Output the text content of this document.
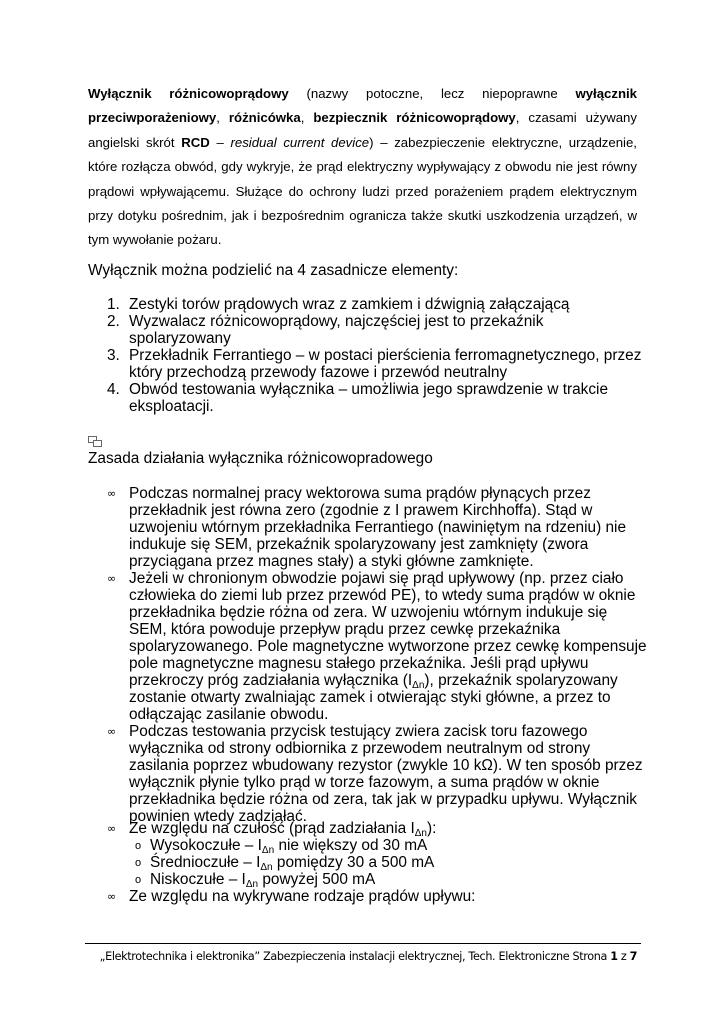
Wyłącznik różnicowoprądowy (nazwy potoczne, lecz niepoprawne wyłącznik przeciwporażeniowy, różnicówka, bezpiecznik różnicowoprądowy, czasami używany angielski skrót RCD – residual current device) – zabezpieczenie elektryczne, urządzenie, które rozłącza obwód, gdy wykryje, że prąd elektryczny wypływający z obwodu nie jest równy prądowi wpływającemu. Służące do ochrony ludzi przed porażeniem prądem elektrycznym przy dotyku pośrednim, jak i bezpośrednim ogranicza także skutki uszkodzenia urządzeń, w tym wywołanie pożaru.

Wyłącznik można podzielić na 4 zasadnicze elementy:

1. Zestyki torów prądowych wraz z zamkiem i dźwignią załączającą
2. Wyzwalacz różnicowoprądowy, najczęściej jest to przekaźnik spolaryzowany
3. Przekładnik Ferrantiego – w postaci pierścienia ferromagnetycznego, przez który przechodzą przewody fazowe i przewód neutralny
4. Obwód testowania wyłącznika – umożliwia jego sprawdzenie w trakcie eksploatacji.
Zasada działania wyłącznika różnicowopradowego
∞ Podczas normalnej pracy wektorowa suma prądów płynących przez przekładnik jest równa zero (zgodnie z I prawem Kirchhoffa). Stąd w uzwojeniu wtórnym przekładnika Ferrantiego (nawiniętym na rdzeniu) nie indukuje się SEM, przekaźnik spolaryzowany jest zamknięty (zwora przyciągana przez magnes stały) a styki główne zamknięte.
∞ Jeżeli w chronionym obwodzie pojawi się prąd upływowy (np. przez ciało człowieka do ziemi lub przez przewód PE), to wtedy suma prądów w oknie przekładnika będzie różna od zera. W uzwojeniu wtórnym indukuje się SEM, która powoduje przepływ prądu przez cewkę przekaźnika spolaryzowanego. Pole magnetyczne wytworzone przez cewkę kompensuje pole magnetyczne magnesu stałego przekaźnika. Jeśli prąd upływu przekroczy próg zadziałania wyłącznika $(I_{\Delta n})$, przekaźnik spolaryzowany zostanie otwarty zwalniając zamek i otwierając styki główne, a przez to odłączając zasilanie obwodu.
∞ Podczas testowania przycisk testujący zwiera zacisk toru fazowego wyłącznika od strony odbiornika z przewodem neutralnym od strony zasilania poprzez wbudowany rezystor (zwykle 10 kΩ). W ten sposób przez wyłącznik płynie tylko prąd w torze fazowym, a suma prądów w oknie przekładnika będzie różna od zera, tak jak w przypadku upływu. Wyłącznik powinien wtedy zadziałać.
∞ Ze względu na czułość (prąd zadziałania $I_{\Delta n}$):
o Wysokoczułe – $I_{\Delta n}$ nie większy od 30 mA
o Średnioczułe – $I_{\Delta n}$ pomiędzy 30 a 500 mA
o Niskoczułe – $I_{\Delta n}$ powyżej 500 mA
∞ Ze względu na wykrywane rodzaje prądów upływu:

„Elektrotechnika i elektronika” Zabezpieczenia instalacji elektrycznej, Tech. Elektroniczne Strona 1 z 7
